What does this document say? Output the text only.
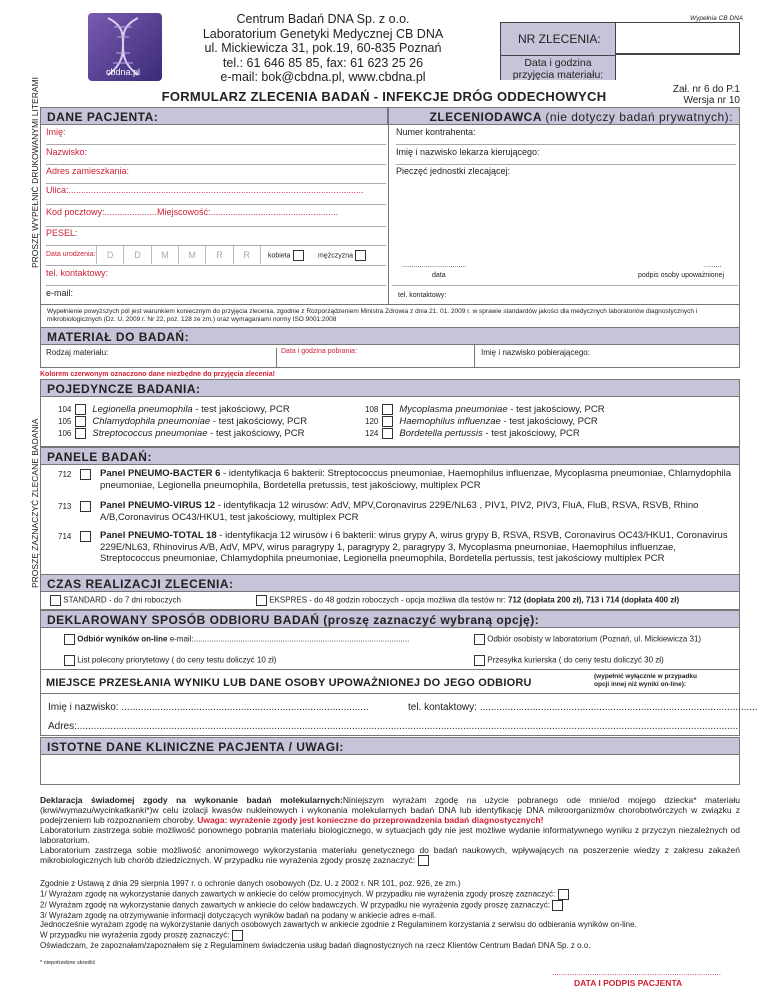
PROSZĘ WYPEŁNIĆ DRUKOWANYMI LITERAMI
PROSZĘ ZAZNACZYĆ ZLECANE BADANIA
cbdna.pl
Centrum Badań DNA Sp. z o.o.
Laboratorium Genetyki Medycznej CB DNA
ul. Mickiewicza 31, pok.19, 60-835 Poznań
tel.: 61 646 85 85, fax: 61 623 25 26
e-mail: bok@cbdna.pl, www.cbdna.pl
Wypełnia CB DNA
NR ZLECENIA:
Data i godzina
przyjęcia materiału:
Zał. nr 6 do P.1
Wersja nr 10
FORMULARZ ZLECENIA BADAŃ - INFEKCJE DRÓG ODDECHOWYCH
DANE PACJENTA:	ZLECENIODAWCA (nie dotyczy badań prywatnych):
Imię:	Numer kontrahenta:
Nazwisko:	Imię i nazwisko lekarza kierującego:
Adres zamieszkania:	Pieczęć jednostki zlecającej:
Ulica:......................................................................................................................
Kod pocztowy:.....................Miejscowość:...................................................
PESEL:
Data urodzenia:	D	D	M	M	R	R	kobieta	mężczyzna
tel. kontaktowy:
e-mail:
.................................
data
.........
podpis osoby upoważnionej
tel. kontaktowy:
Wypełnienie powyższych pól jest warunkiem koniecznym do przyjęcia zlecenia, zgodnie z Rozporządzeniem Ministra Zdrowia z dnia 21. 01. 2009 r. w sprawie standardów jakości dla medycznych laboratoriów diagnostycznych i mikrobiologicznych (Dz. U. 2009 r. Nr 22, poz. 128 ze zm.) oraz wymaganiami normy ISO 9001:2008
MATERIAŁ DO BADAŃ:
Rodzaj materiału:	Data i godzina pobrania:	Imię i nazwisko pobierającego:
Kolorem czerwonym oznaczono dane niezbędne do przyjęcia zlecenia!
POJEDYNCZE BADANIA:
104 Legionella pneumophila - test jakościowy, PCR
105 Chlamydophila pneumoniae - test jakościowy, PCR
106 Streptococcus pneumoniae - test jakościowy, PCR
108 Mycoplasma pneumoniae - test jakościowy, PCR
120 Haemophilus influenzae - test jakościowy, PCR
124 Bordetella pertussis - test jakościowy, PCR
PANELE BADAŃ:
712	Panel PNEUMO-BACTER 6 - identyfikacja 6 bakterii: Streptococcus pneumoniae, Haemophilus influenzae, Mycoplasma pneumoniae, Chlamydophila pneumoniae, Legionella pneumophila, Bordetella pretussis, test jakościowy, multiplex PCR
713	Panel PNEUMO-VIRUS 12 - identyfikacja 12 wirusów: AdV, MPV,Coronavirus 229E/NL63 , PIV1, PIV2, PIV3, FluA, FluB, RSVA, RSVB, Rhino A/B,Coronavirus OC43/HKU1, test jakościowy, multiplex PCR
714	Panel PNEUMO-TOTAL 18 - identyfikacja 12 wirusów i 6 bakterii: wirus grypy A, wirus grypy B, RSVA, RSVB, Coronavirus OC43/HKU1, Coronavirus 229E/NL63, Rhinovirus A/B, AdV, MPV, wirus paragrypy 1, paragrypy 2, paragrypy 3, Mycoplasma pneumoniae, Haemophilus influenzae, Streptococcus pneumoniae, Chlamydophila pneumoniae, Legionella pneumophila, Bordetella pertussis, test jakościowy multiplex PCR
CZAS REALIZACJI ZLECENIA:
STANDARD - do 7 dni roboczych	EKSPRES - do 48 godzin roboczych - opcja możliwa dla testów nr: 712 (dopłata 200 zł), 713 i 714 (dopłata 400 zł)
DEKLAROWANY SPOSÓB ODBIORU BADAŃ (proszę zaznaczyć wybraną opcję):
Odbiór wyników on-line e-mail:.................................................................................................	Odbiór osobisty w laboratorium (Poznań, ul. Mickiewicza 31)
List polecony priorytetowy ( do ceny testu doliczyć 10 zł)	Przesyłka kurierska ( do ceny testu doliczyć 30 zł)
MIEJSCE PRZESŁANIA WYNIKU LUB DANE OSOBY UPOWAŻNIONEJ DO JEGO ODBIORU
(wypełnić wyłącznie w przypadku
opcji innej niż wyniki on-line):
Imię i nazwisko: .........................................................................................	tel. kontaktowy: ....................................................................................................
Adres:..............................................................................................................................................................................................................................................
ISTOTNE DANE KLINICZNE PACJENTA / UWAGI:
Deklaracja świadomej zgody na wykonanie badań molekularnych:Niniejszym wyrażam zgodę na użycie pobranego ode mnie/od mojego dziecka* materiału (krwi/wymazu/wycinkatkanki*)w celu izolacji kwasów nukleinowych i wykonania molekularnych badań DNA lub identyfikację DNA mikroorganizmów chorobotwórczych w związku z podejrzeniem lub rozpoznaniem choroby. Uwaga: wyrażenie zgody jest konieczne do przeprowadzenia badań diagnostycznych!
Laboratorium zastrzega sobie możliwość ponownego pobrania materiału biologicznego, w sytuacjach gdy nie jest możliwe wydanie informatywnego wyniku z przyczyn niezależnych od laboratorium.
Laboratorium zastrzega sobie możliwość anonimowego wykorzystania materiału genetycznego do badań naukowych, wpływających na poszerzenie wiedzy z zakresu zakażeń mikrobiologicznych lub chorób dziedzicznych. W przypadku nie wyrażenia zgody proszę zaznaczyć:
Zgodnie z Ustawą z dnia 29 sierpnia 1997 r. o ochronie danych osobowych (Dz. U. z 2002 r. NR 101, poz. 926, ze zm.)
1/ Wyrażam zgodę na wykorzystanie danych zawartych w ankiecie do celów promocyjnych. W przypadku nie wyrażenia zgody proszę zaznaczyć:
2/ Wyrażam zgodę na wykorzystanie danych zawartych w ankiecie do celów badawczych. W przypadku nie wyrażenia zgody proszę zaznaczyć:
3/ Wyrażam zgodę na otrzymywanie informacji dotyczących wyników badań na podany w ankiecie adres e-mail.
Jednocześnie wyrażam zgodę na wykorzystanie danych osobowych zawartych w ankiecie zgodnie z Regulaminem korzystania z serwisu do odbierania wyników on-line.
W przypadku nie wyrażenia zgody proszę zaznaczyć:
Oświadczam, że zapoznałam/zapoznałem się z Regulaminem świadczenia usług badań diagnostycznych na rzecz Klientów Centrum Badań DNA Sp. z o.o.
* niepotrzebne skreślić
............................................................................
DATA I PODPIS PACJENTA
